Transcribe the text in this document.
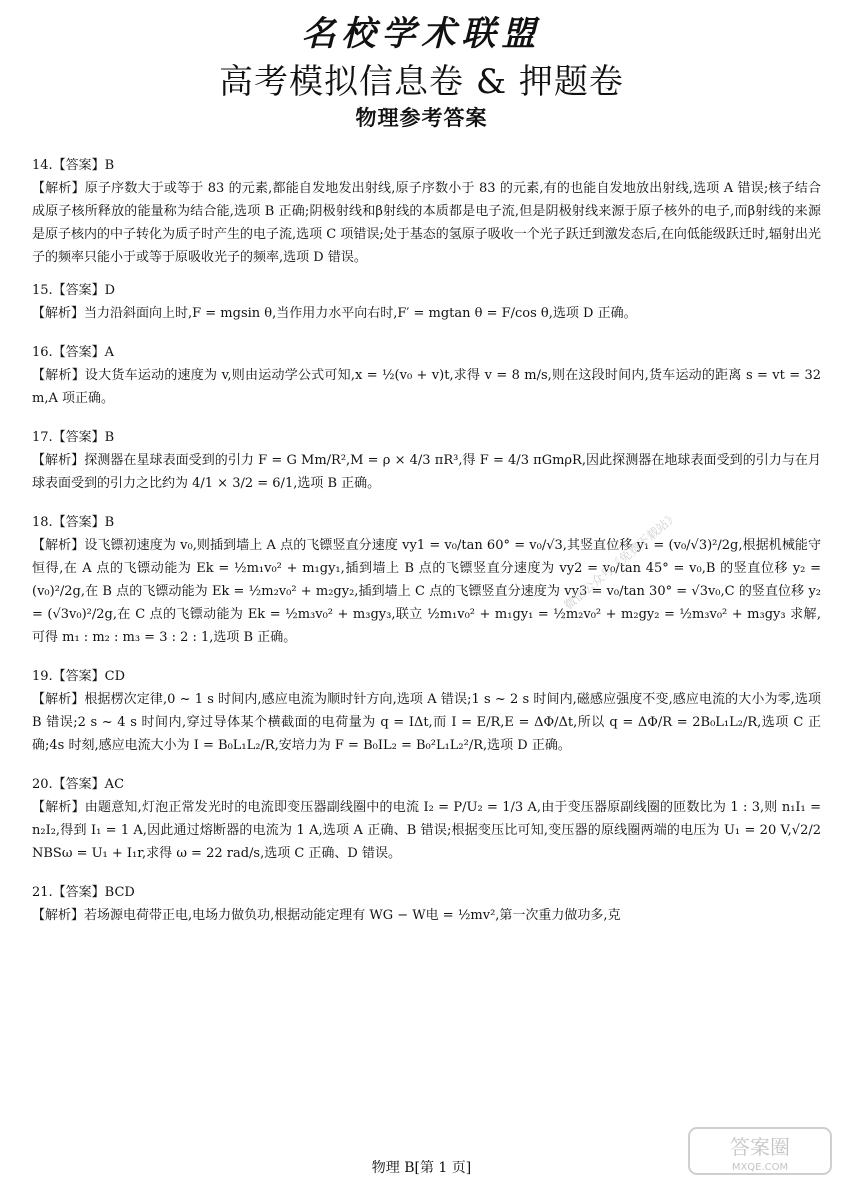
名校学术联盟
高考模拟信息卷 & 押题卷
物理参考答案
14.【答案】B

【解析】原子序数大于或等于 83 的元素,都能自发地发出射线,原子序数小于 83 的元素,有的也能自发地放出射线,选项 A 错误;核子结合成原子核所释放的能量称为结合能,选项 B 正确;阴极射线和β射线的本质都是电子流,但是阴极射线来源于原子核外的电子,而β射线的来源是原子核内的中子转化为质子时产生的电子流,选项 C 项错误;处于基态的氢原子吸收一个光子跃迁到激发态后,在向低能级跃迁时,辐射出光子的频率只能小于或等于原吸收光子的频率,选项 D 错误。

15.【答案】D

【解析】当力沿斜面向上时,F = mgsin θ,当作用力水平向右时,F′ = mgtan θ = F/cos θ,选项 D 正确。

16.【答案】A

【解析】设大货车运动的速度为 v,则由运动学公式可知,x = ½(v₀ + v)t,求得 v = 8 m/s,则在这段时间内,货车运动的距离 s = vt = 32 m,A 项正确。

17.【答案】B

【解析】探测器在星球表面受到的引力 F = G Mm/R²,M = ρ × 4/3 πR³,得 F = 4/3 πGmρR,因此探测器在地球表面受到的引力与在月球表面受到的引力之比约为 4/1 × 3/2 = 6/1,选项 B 正确。

18.【答案】B

【解析】设飞镖初速度为 v₀,则插到墙上 A 点的飞镖竖直分速度 vy1 = v₀/tan 60° = v₀/√3,其竖直位移 y₁ = (v₀/√3)²/2g,根据机械能守恒得,在 A 点的飞镖动能为 Ek = ½m₁v₀² + m₁gy₁,插到墙上 B 点的飞镖竖直分速度为 vy2 = v₀/tan 45° = v₀,B 的竖直位移 y₂ = (v₀)²/2g,在 B 点的飞镖动能为 Ek = ½m₂v₀² + m₂gy₂,插到墙上 C 点的飞镖竖直分速度为 vy3 = v₀/tan 30° = √3v₀,C 的竖直位移 y₂ = (√3v₀)²/2g,在 C 点的飞镖动能为 Ek = ½m₃v₀² + m₃gy₃,联立 ½m₁v₀² + m₁gy₁ = ½m₂v₀² + m₂gy₂ = ½m₃v₀² + m₃gy₃ 求解,可得 m₁ : m₂ : m₃ = 3 : 2 : 1,选项 B 正确。

19.【答案】CD

【解析】根据楞次定律,0 ~ 1 s 时间内,感应电流为顺时针方向,选项 A 错误;1 s ~ 2 s 时间内,磁感应强度不变,感应电流的大小为零,选项 B 错误;2 s ~ 4 s 时间内,穿过导体某个横截面的电荷量为 q = IΔt,而 I = E/R,E = ΔΦ/Δt,所以 q = ΔΦ/R = 2B₀L₁L₂/R,选项 C 正确;4s 时刻,感应电流大小为 I = B₀L₁L₂/R,安培力为 F = B₀IL₂ = B₀²L₁L₂²/R,选项 D 正确。

20.【答案】AC

【解析】由题意知,灯泡正常发光时的电流即变压器副线圈中的电流 I₂ = P/U₂ = 1/3 A,由于变压器原副线圈的匝数比为 1 : 3,则 n₁I₁ = n₂I₂,得到 I₁ = 1 A,因此通过熔断器的电流为 1 A,选项 A 正确、B 错误;根据变压比可知,变压器的原线圈两端的电压为 U₁ = 20 V,√2/2 NBSω = U₁ + I₁r,求得 ω = 22 rad/s,选项 C 正确、D 错误。

21.【答案】BCD

【解析】若场源电荷带正电,电场力做负功,根据动能定理有 WG − W电 = ½mv²,第一次重力做功多,克

微信公众号《免费下载站》
答案圈
MXQE.COM
物理 B[第 1 页]
